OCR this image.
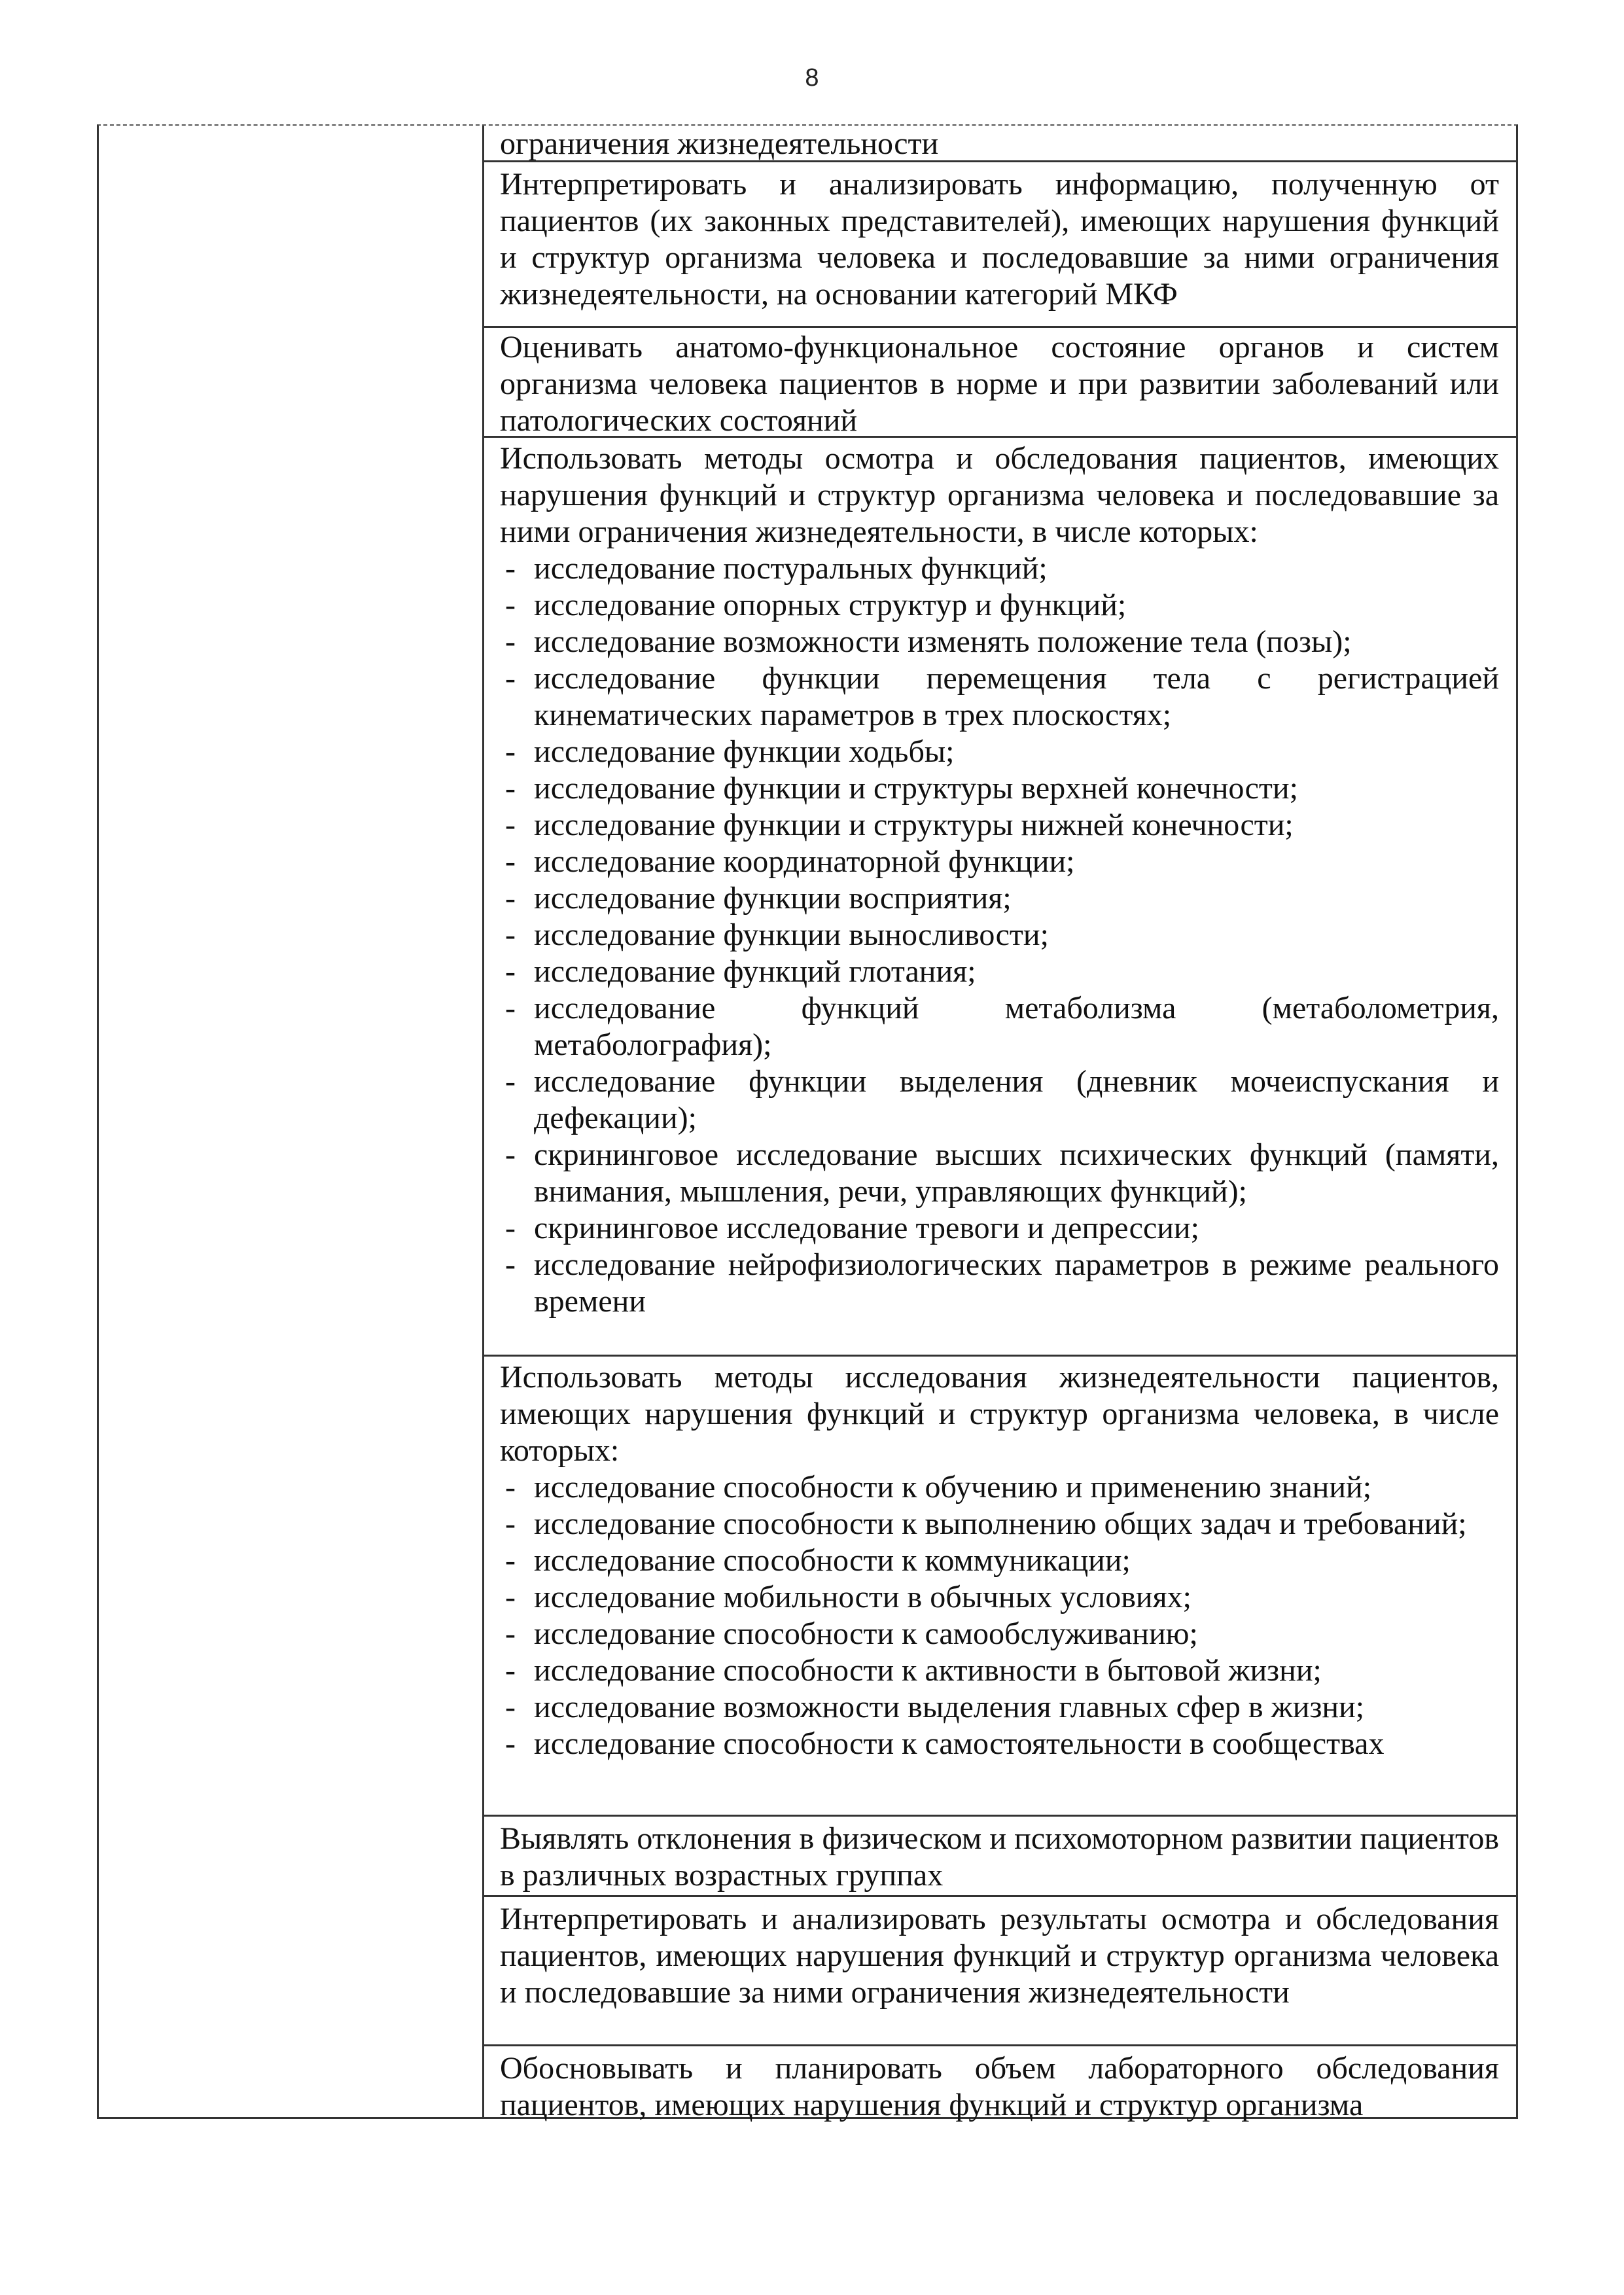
8

ограничения жизнедеятельности

Интерпретировать и анализировать информацию, полученную от пациентов (их законных представителей), имеющих нарушения функций и структур организма человека и последовавшие за ними ограничения жизнедеятельности, на основании категорий МКФ

Оценивать анатомо-функциональное состояние органов и систем организма человека пациентов в норме и при развитии заболеваний или патологических состояний

Использовать методы осмотра и обследования пациентов, имеющих нарушения функций и структур организма человека и последовавшие за ними ограничения жизнедеятельности, в числе которых:

- исследование постуральных функций;
- исследование опорных структур и функций;
- исследование возможности изменять положение тела (позы);
- исследование функции перемещения тела с регистрацией кинематических параметров в трех плоскостях;
- исследование функции ходьбы;
- исследование функции и структуры верхней конечности;
- исследование функции и структуры нижней конечности;
- исследование координаторной функции;
- исследование функции восприятия;
- исследование функции выносливости;
- исследование функций глотания;
- исследование функций метаболизма (метаболометрия, метабологрaфия);
- исследование функции выделения (дневник мочеиспускания и дефекации);
- скрининговое исследование высших психических функций (памяти, внимания, мышления, речи, управляющих функций);
- скрининговое исследование тревоги и депрессии;
- исследование нейрофизиологических параметров в режиме реального времени

Использовать методы исследования жизнедеятельности пациентов, имеющих нарушения функций и структур организма человека, в числе которых:

- исследование способности к обучению и применению знаний;
- исследование способности к выполнению общих задач и требований;
- исследование способности к коммуникации;
- исследование мобильности в обычных условиях;
- исследование способности к самообслуживанию;
- исследование способности к активности в бытовой жизни;
- исследование возможности выделения главных сфер в жизни;
- исследование способности к самостоятельности в сообществах

Выявлять отклонения в физическом и психомоторном развитии пациентов в различных возрастных группах

Интерпретировать и анализировать результаты осмотра и обследования пациентов, имеющих нарушения функций и структур организма человека и последовавшие за ними ограничения жизнедеятельности

Обосновывать и планировать объем лабораторного обследования пациентов, имеющих нарушения функций и структур организма
